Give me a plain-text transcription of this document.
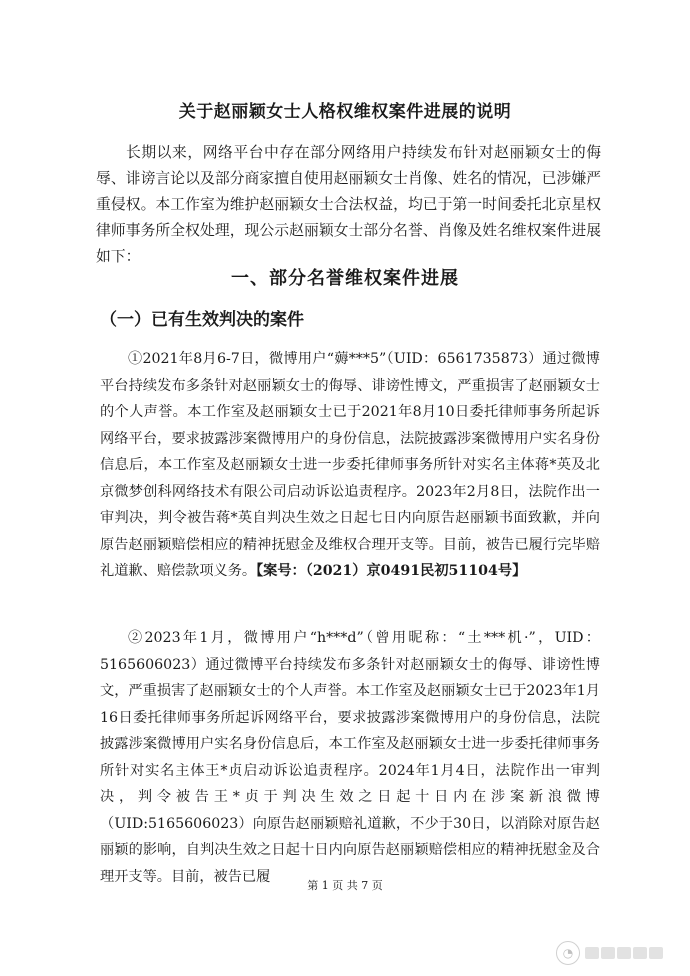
关于赵丽颖女士人格权维权案件进展的说明
长期以来，网络平台中存在部分网络用户持续发布针对赵丽颖女士的侮辱、诽谤言论以及部分商家擅自使用赵丽颖女士肖像、姓名的情况，已涉嫌严重侵权。本工作室为维护赵丽颖女士合法权益，均已于第一时间委托北京星权律师事务所全权处理，现公示赵丽颖女士部分名誉、肖像及姓名维权案件进展如下：
一、部分名誉维权案件进展
（一）已有生效判决的案件
①2021年8月6-7日，微博用户“薅***5”（UID：6561735873）通过微博平台持续发布多条针对赵丽颖女士的侮辱、诽谤性博文，严重损害了赵丽颖女士的个人声誉。本工作室及赵丽颖女士已于2021年8月10日委托律师事务所起诉网络平台，要求披露涉案微博用户的身份信息，法院披露涉案微博用户实名身份信息后，本工作室及赵丽颖女士进一步委托律师事务所针对实名主体蒋*英及北京微梦创科网络技术有限公司启动诉讼追责程序。2023年2月8日，法院作出一审判决，判令被告蒋*英自判决生效之日起七日内向原告赵丽颖书面致歉，并向原告赵丽颖赔偿相应的精神抚慰金及维权合理开支等。目前，被告已履行完毕赔礼道歉、赔偿款项义务。【案号：（2021）京0491民初51104号】
②2023年1月，微博用户“h***d”（曾用昵称：“土***机·”，UID：5165606023）通过微博平台持续发布多条针对赵丽颖女士的侮辱、诽谤性博文，严重损害了赵丽颖女士的个人声誉。本工作室及赵丽颖女士已于2023年1月16日委托律师事务所起诉网络平台，要求披露涉案微博用户的身份信息，法院披露涉案微博用户实名身份信息后，本工作室及赵丽颖女士进一步委托律师事务所针对实名主体王*贞启动诉讼追责程序。2024年1月4日，法院作出一审判决，判令被告王*贞于判决生效之日起十日内在涉案新浪微博（UID:5165606023）向原告赵丽颖赔礼道歉，不少于30日，以消除对原告赵丽颖的影响，自判决生效之日起十日内向原告赵丽颖赔偿相应的精神抚慰金及合理开支等。目前，被告已履
第 1 页 共 7 页
◔
